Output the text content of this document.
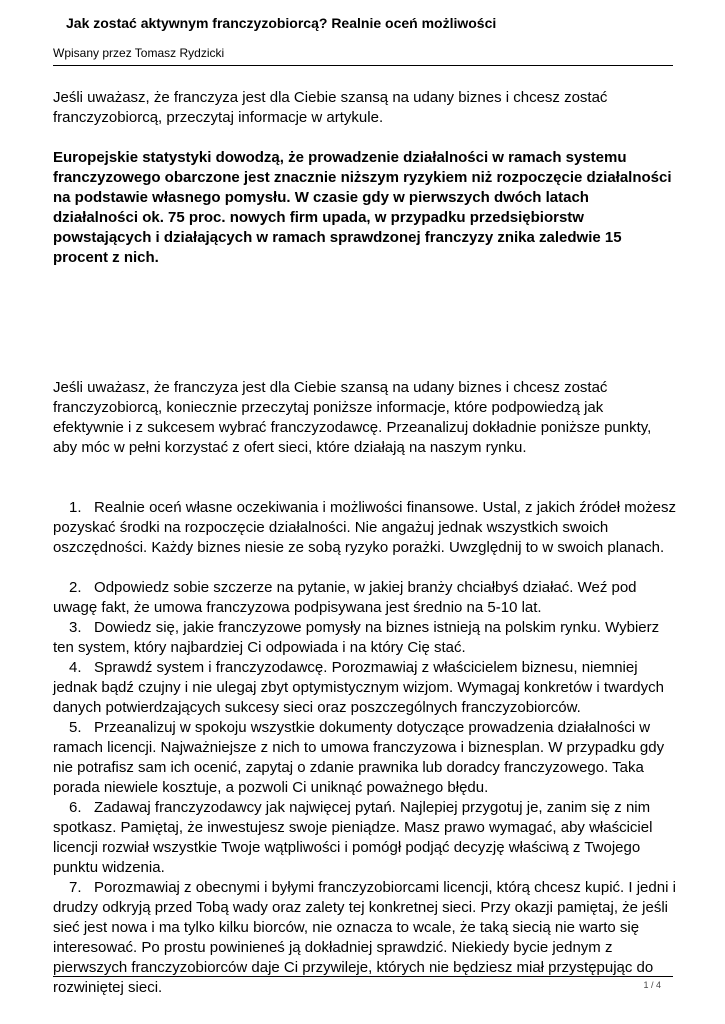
Jak zostać aktywnym franczyzobiorcą? Realnie oceń możliwości
Wpisany przez Tomasz Rydzicki

Jeśli uważasz, że franczyza jest dla Ciebie szansą na udany biznes i chcesz zostać franczyzobiorcą, przeczytaj informacje w artykule.

Europejskie statystyki dowodzą, że prowadzenie działalności w ramach systemu franczyzowego obarczone jest znacznie niższym ryzykiem niż rozpoczęcie działalności na podstawie własnego pomysłu. W czasie gdy w pierwszych dwóch latach działalności ok. 75 proc. nowych firm upada, w przypadku przedsiębiorstw powstających i działających w ramach sprawdzonej franczyzy znika zaledwie 15 procent z nich.

Jeśli uważasz, że franczyza jest dla Ciebie szansą na udany biznes i chcesz zostać franczyzobiorcą, koniecznie przeczytaj poniższe informacje, które podpowiedzą jak efektywnie i z sukcesem wybrać franczyzodawcę. Przeanalizuj dokładnie poniższe punkty, aby móc w pełni korzystać z ofert sieci, które działają na naszym rynku.

1. Realnie oceń własne oczekiwania i możliwości finansowe. Ustal, z jakich źródeł możesz pozyskać środki na rozpoczęcie działalności. Nie angażuj jednak wszystkich swoich oszczędności. Każdy biznes niesie ze sobą ryzyko porażki. Uwzględnij to w swoich planach.

2. Odpowiedz sobie szczerze na pytanie, w jakiej branży chciałbyś działać. Weź pod uwagę fakt, że umowa franczyzowa podpisywana jest średnio na 5-10 lat.

3. Dowiedz się, jakie franczyzowe pomysły na biznes istnieją na polskim rynku. Wybierz ten system, który najbardziej Ci odpowiada i na który Cię stać.

4. Sprawdź system i franczyzodawcę. Porozmawiaj z właścicielem biznesu, niemniej jednak bądź czujny i nie ulegaj zbyt optymistycznym wizjom. Wymagaj konkretów i twardych danych potwierdzających sukcesy sieci oraz poszczególnych franczyzobiorców.

5. Przeanalizuj w spokoju wszystkie dokumenty dotyczące prowadzenia działalności w ramach licencji. Najważniejsze z nich to umowa franczyzowa i biznesplan. W przypadku gdy nie potrafisz sam ich ocenić, zapytaj o zdanie prawnika lub doradcy franczyzowego. Taka porada niewiele kosztuje, a pozwoli Ci uniknąć poważnego błędu.

6. Zadawaj franczyzodawcy jak najwięcej pytań. Najlepiej przygotuj je, zanim się z nim spotkasz. Pamiętaj, że inwestujesz swoje pieniądze. Masz prawo wymagać, aby właściciel licencji rozwiał wszystkie Twoje wątpliwości i pomógł podjąć decyzję właściwą z Twojego punktu widzenia.

7. Porozmawiaj z obecnymi i byłymi franczyzobiorcami licencji, którą chcesz kupić. I jedni i drudzy odkryją przed Tobą wady oraz zalety tej konkretnej sieci. Przy okazji pamiętaj, że jeśli sieć jest nowa i ma tylko kilku biorców, nie oznacza to wcale, że taką siecią nie warto się interesować. Po prostu powinieneś ją dokładniej sprawdzić. Niekiedy bycie jednym z pierwszych franczyzobiorców daje Ci przywileje, których nie będziesz miał przystępując do rozwiniętej sieci.	1 / 4
